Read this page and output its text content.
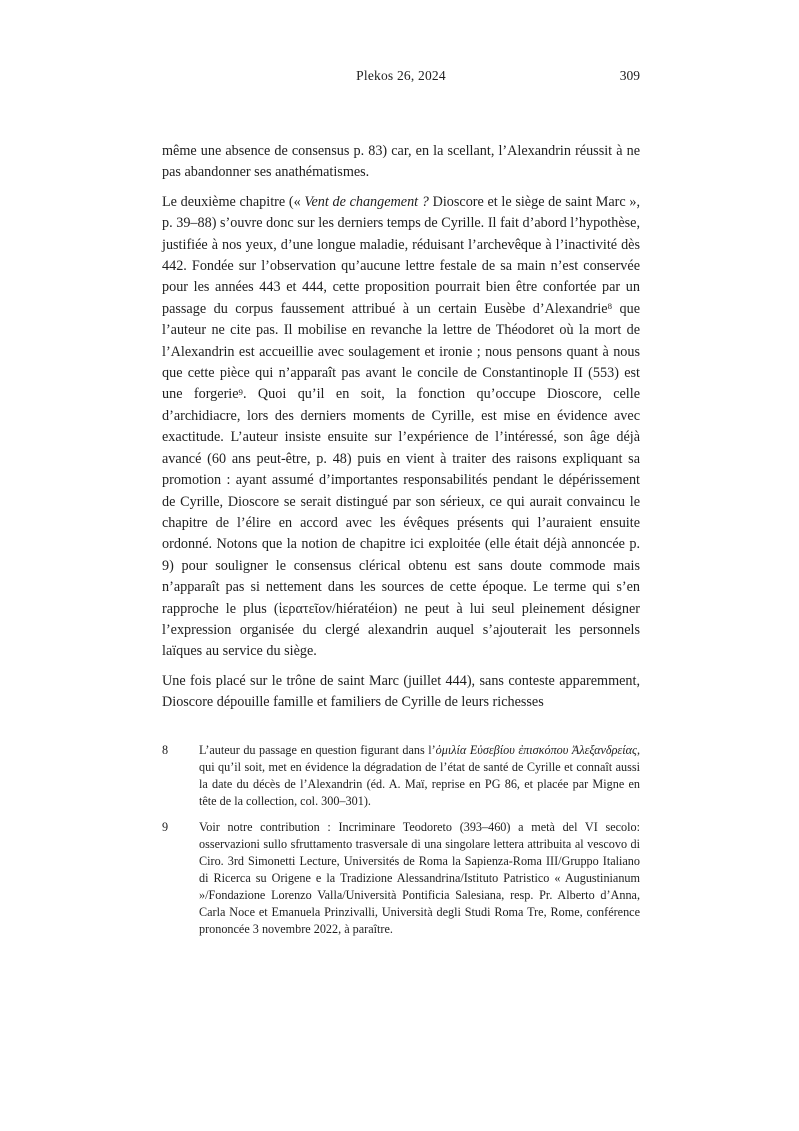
Plekos 26, 2024	309

même une absence de consensus p. 83) car, en la scellant, l’Alexandrin réussit à ne pas abandonner ses anathématismes.

Le deuxième chapitre (« Vent de changement ? Dioscore et le siège de saint Marc », p. 39–88) s’ouvre donc sur les derniers temps de Cyrille. Il fait d’abord l’hypothèse, justifiée à nos yeux, d’une longue maladie, réduisant l’archevêque à l’inactivité dès 442. Fondée sur l’observation qu’aucune lettre festale de sa main n’est conservée pour les années 443 et 444, cette proposition pourrait bien être confortée par un passage du corpus faussement attribué à un certain Eusèbe d’Alexandrie$^8$ que l’auteur ne cite pas. Il mobilise en revanche la lettre de Théodoret où la mort de l’Alexandrin est accueillie avec soulagement et ironie ; nous pensons quant à nous que cette pièce qui n’apparaît pas avant le concile de Constantinople II (553) est une forgerie$^9$. Quoi qu’il en soit, la fonction qu’occupe Dioscore, celle d’archidiacre, lors des derniers moments de Cyrille, est mise en évidence avec exactitude. L’auteur insiste ensuite sur l’expérience de l’intéressé, son âge déjà avancé (60 ans peut-être, p. 48) puis en vient à traiter des raisons expliquant sa promotion : ayant assumé d’importantes responsabilités pendant le dépérissement de Cyrille, Dioscore se serait distingué par son sérieux, ce qui aurait convaincu le chapitre de l’élire en accord avec les évêques présents qui l’auraient ensuite ordonné. Notons que la notion de chapitre ici exploitée (elle était déjà annoncée p. 9) pour souligner le consensus clérical obtenu est sans doute commode mais n’apparaît pas si nettement dans les sources de cette époque. Le terme qui s’en rapproche le plus (ἱερατεῖον/hiératéion) ne peut à lui seul pleinement désigner l’expression organisée du clergé alexandrin auquel s’ajouterait les personnels laïques au service du siège.

Une fois placé sur le trône de saint Marc (juillet 444), sans conteste apparemment, Dioscore dépouille famille et familiers de Cyrille de leurs richesses

8	L’auteur du passage en question figurant dans l’ὁμιλία Εὐσεβίου ἐπισκόπου Ἀλεξανδρείας, qui qu’il soit, met en évidence la dégradation de l’état de santé de Cyrille et connaît aussi la date du décès de l’Alexandrin (éd. A. Maï, reprise en PG 86, et placée par Migne en tête de la collection, col. 300–301).
9	Voir notre contribution : Incriminare Teodoreto (393–460) a metà del VI secolo: osservazioni sullo sfruttamento trasversale di una singolare lettera attribuita al vescovo di Ciro. 3rd Simonetti Lecture, Universités de Roma la Sapienza-Roma III/Gruppo Italiano di Ricerca su Origene e la Tradizione Alessandrina/Istituto Patristico « Augustinianum »/Fondazione Lorenzo Valla/Università Pontificia Salesiana, resp. Pr. Alberto d’Anna, Carla Noce et Emanuela Prinzivalli, Università degli Studi Roma Tre, Rome, conférence prononcée 3 novembre 2022, à paraître.
